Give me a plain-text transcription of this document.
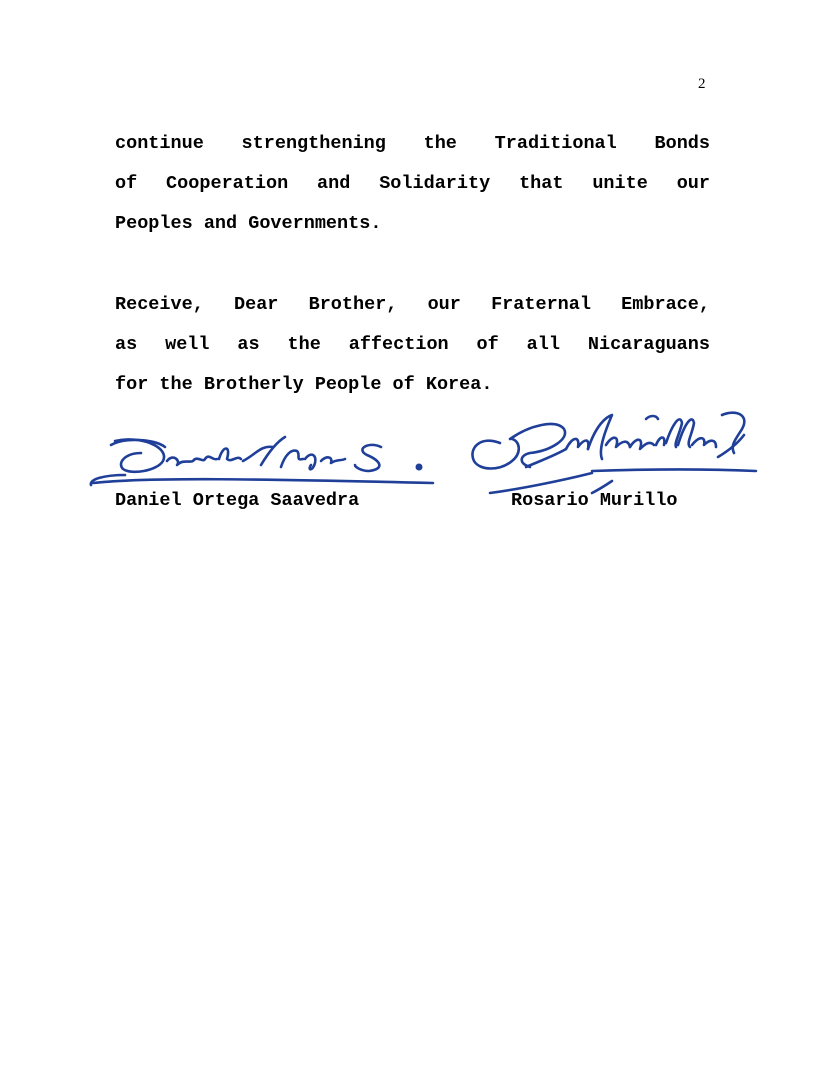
2
continue strengthening the Traditional Bonds
of Cooperation and Solidarity that unite our
Peoples and Governments.
Receive, Dear Brother, our Fraternal Embrace,
as well as the affection of all Nicaraguans
for the Brotherly People of Korea.
Daniel Ortega Saavedra	Rosario Murillo
